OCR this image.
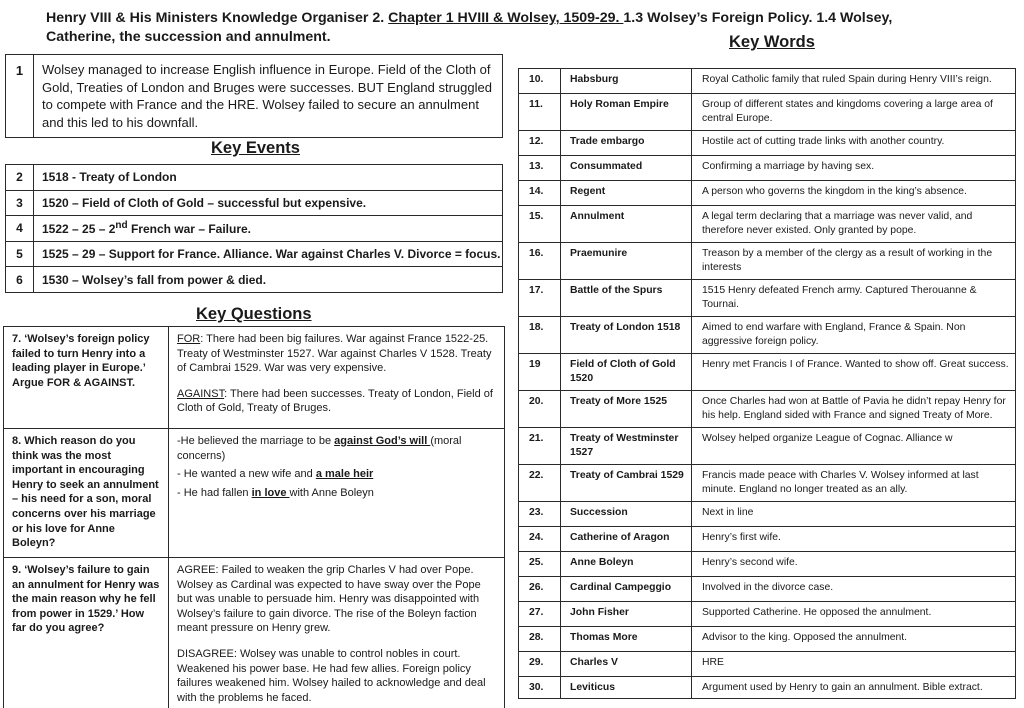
Henry VIII & His Ministers Knowledge Organiser 2. Chapter 1 HVIII & Wolsey, 1509-29. 1.3 Wolsey’s Foreign Policy. 1.4 Wolsey, Catherine, the succession and annulment.	Key Words
Key Events
Key Questions
1	Wolsey managed to increase English influence in Europe. Field of the Cloth of Gold, Treaties of London and Bruges were successes. BUT England struggled to compete with France and the HRE. Wolsey failed to secure an annulment and this led to his downfall.
2	1518 - Treaty of London
3	1520 – Field of Cloth of Gold – successful but expensive.
4	1522 – 25 – 2nd French war – Failure.
5	1525 – 29 – Support for France. Alliance. War against Charles V. Divorce = focus.
6	1530 – Wolsey’s fall from power & died.
7. ‘Wolsey’s foreign policy failed to turn Henry into a leading player in Europe.’ Argue FOR & AGAINST.	FOR: There had been big failures. War against France 1522-25. Treaty of Westminster 1527. War against Charles V 1528. Treaty of Cambrai 1529. War was very expensive.
AGAINST: There had been successes. Treaty of London, Field of Cloth of Gold, Treaty of Bruges.

8. Which reason do you think was the most important in encouraging Henry to seek an annulment – his need for a son, moral concerns over his marriage or his love for Anne Boleyn?	-He believed the marriage to be against God’s will (moral concerns)
- He wanted a new wife and a male heir
- He had fallen in love with Anne Boleyn

9. ‘Wolsey’s failure to gain an annulment for Henry was the main reason why he fell from power in 1529.’ How far do you agree?	AGREE: Failed to weaken the grip Charles V had over Pope. Wolsey as Cardinal was expected to have sway over the Pope but was unable to persuade him. Henry was disappointed with Wolsey’s failure to gain divorce. The rise of the Boleyn faction meant pressure on Henry grew.
DISAGREE: Wolsey was unable to control nobles in court. Weakened his power base. He had few allies. Foreign policy failures weakened him. Wolsey hailed to acknowledge and deal with the problems he faced.
10.	Habsburg	Royal Catholic family that ruled Spain during Henry VIII’s reign.
11.	Holy Roman Empire	Group of different states and kingdoms covering a large area of central Europe.
12.	Trade embargo	Hostile act of cutting trade links with another country.
13.	Consummated	Confirming a marriage by having sex.
14.	Regent	A person who governs the kingdom in the king’s absence.
15.	Annulment	A legal term declaring that a marriage was never valid, and therefore never existed. Only granted by pope.
16.	Praemunire	Treason by a member of the clergy as a result of working in the interests
17.	Battle of the Spurs	1515 Henry defeated French army. Captured Therouanne & Tournai.
18.	Treaty of London 1518	Aimed to end warfare with England, France & Spain. Non aggressive foreign policy.
19	Field of Cloth of Gold 1520	Henry met Francis I of France. Wanted to show off. Great success.
20.	Treaty of More 1525	Once Charles had won at Battle of Pavia he didn’t repay Henry for his help. England sided with France and signed Treaty of More.
21.	Treaty of Westminster 1527	Wolsey helped organize League of Cognac. Alliance w
22.	Treaty of Cambrai 1529	Francis made peace with Charles V. Wolsey informed at last minute. England no longer treated as an ally.
23.	Succession	Next in line
24.	Catherine of Aragon	Henry’s first wife.
25.	Anne Boleyn	Henry’s second wife.
26.	Cardinal Campeggio	Involved in the divorce case.
27.	John Fisher	Supported Catherine. He opposed the annulment.
28.	Thomas More	Advisor to the king. Opposed the annulment.
29.	Charles V	HRE
30.	Leviticus	Argument used by Henry to gain an annulment. Bible extract.
